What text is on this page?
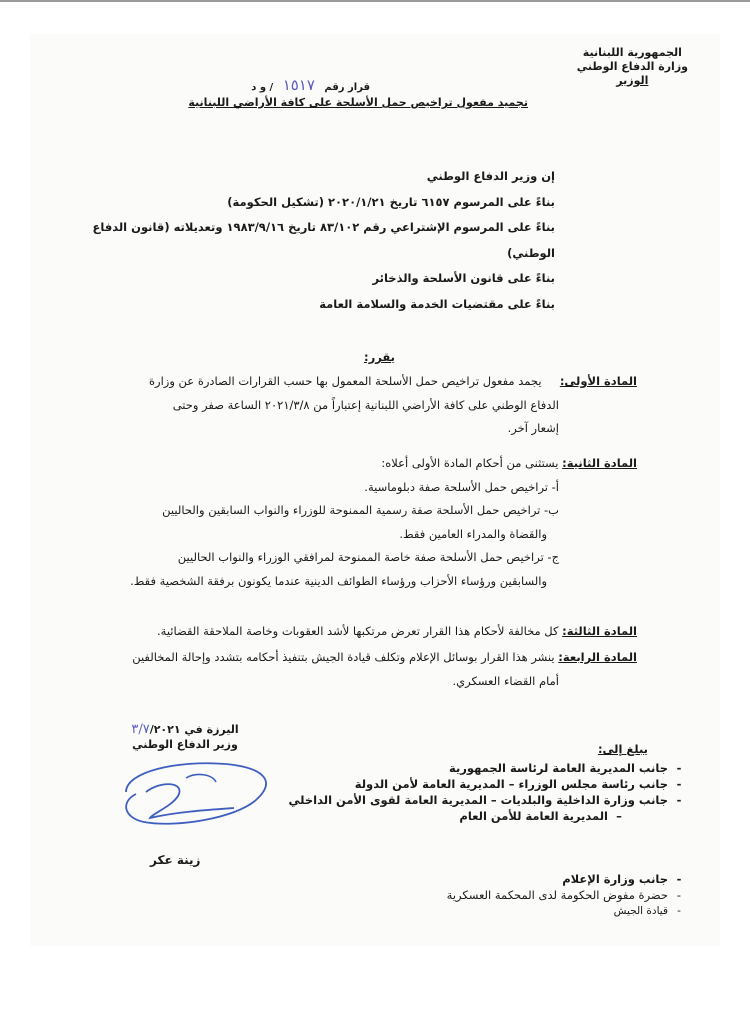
الجمهورية اللبنانية
وزارة الدفاع الوطني
الوزير
قرار رقم ١٥١٧ / و د
تجميد مفعول تراخيص حمل الأسلحة على كافة الأراضي اللبنانية
إن وزير الدفاع الوطني
بناءً على المرسوم ٦١٥٧ تاريخ ٢٠٢٠/١/٢١ (تشكيل الحكومة)
بناءً على المرسوم الإشتراعي رقم ٨٣/١٠٢ تاريخ ١٩٨٣/٩/١٦ وتعديلاته (قانون الدفاع
الوطني)
بناءً على قانون الأسلحة والذخائر
بناءً على مقتضيات الخدمة والسلامة العامة
يقرر:
المادة الأولى:     يجمد مفعول تراخيص حمل الأسلحة المعمول بها حسب القرارات الصادرة عن وزارة
الدفاع الوطني على كافة الأراضي اللبنانية إعتباراً من ٢٠٢١/٣/٨ الساعة صفر وحتى
إشعار آخر.
المادة الثانية: يستثنى من أحكام المادة الأولى أعلاه:
أ- تراخيص حمل الأسلحة صفة دبلوماسية.
ب- تراخيص حمل الأسلحة صفة رسمية الممنوحة للوزراء والنواب السابقين والحاليين
والقضاة والمدراء العامين فقط.
ج- تراخيص حمل الأسلحة صفة خاصة الممنوحة لمرافقي الوزراء والنواب الحاليين
والسابقين ورؤساء الأحزاب ورؤساء الطوائف الدينية عندما يكونون برفقة الشخصية فقط.
المادة الثالثة: كل مخالفة لأحكام هذا القرار تعرض مرتكبها لأشد العقوبات وخاصة الملاحقة القضائية.
المادة الرابعة: ينشر هذا القرار بوسائل الإعلام وتكلف قيادة الجيش بتنفيذ أحكامه بتشدد وإحالة المخالفين
أمام القضاء العسكري.
اليرزة في ٣/٧/٢٠٢١
وزير الدفاع الوطني
زينة عكر
يبلغ إلى:
-جانب المديرية العامة لرئاسة الجمهورية
-جانب رئاسة مجلس الوزراء – المديرية العامة لأمن الدولة
-جانب وزارة الداخلية والبلديات – المديرية العامة لقوى الأمن الداخلي
–المديرية العامة للأمن العام
-جانب وزارة الإعلام
-حضرة مفوض الحكومة لدى المحكمة العسكرية
-قيادة الجيش
